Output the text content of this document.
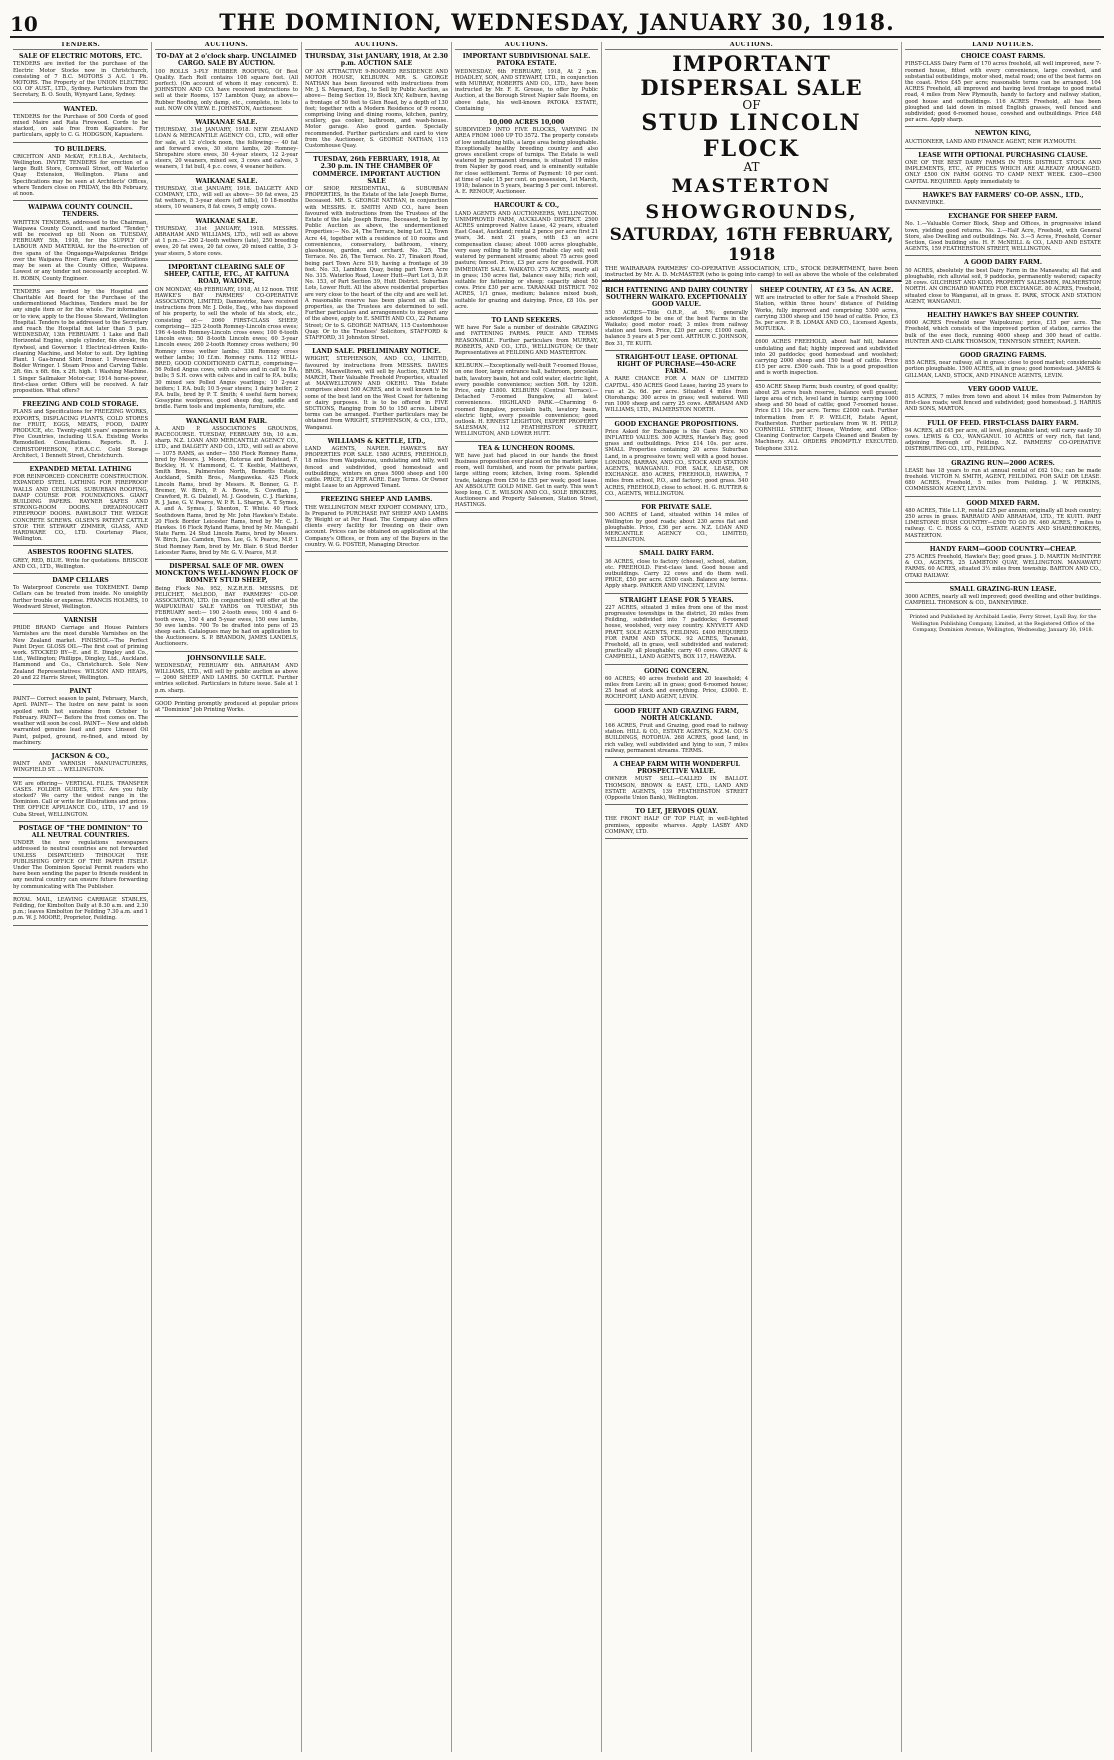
10	THE DOMINION, WEDNESDAY, JANUARY 30, 1918.
TENDERS.
SALE OF ELECTRIC MOTORS, ETC.
TENDERS are invited for the purchase of the Electric Motor Stocks now in Christchurch, consisting of 7 B.C. MOTORS 3 A.C. 1 Ph. MOTORS. The Property of the UNION ELECTRIC CO. OF AUST., LTD., Sydney. Particulars from the Secretary, B. O. South, Wynyard Lane, Sydney.
WANTED.
TENDERS for the Purchase of 500 Cords of good mixed Maire and Rata Firewood. Cords to be stacked, on sale free from Kapuatere. For particulars, apply to C. G. HODGSON, Kapuatere.
TO BUILDERS.
CRICHTON AND McKAY, F.R.I.B.A., Architects, Wellington. INVITE TENDERS for erection of a large Built Store, Cornwall Street, off Waterloo Quay Extension, Wellington. Plans and Specifications may be seen at Architects' Offices, where Tenders close on FRIDAY, the 8th February, at noon.
WAIPAWA COUNTY COUNCIL. TENDERS.
WRITTEN TENDERS, addressed to the Chairman, Waipawa County Council, and marked "Tender," will be received up till Noon on TUESDAY, FEBRUARY 5th, 1918, for the SUPPLY OF LABOUR AND MATERIAL for the Re-erection of five spans of the Ongaonga-Waipukurau Bridge over the Waipawa River. Plans and specifications may be seen at the County Office, Waipawa. Lowest or any tender not necessarily accepted. W. H. ROBIN, County Engineer.
TENDERS are invited by the Hospital and Charitable Aid Board for the Purchase of the undermentioned Machines, Tenders must be for any single item or for the whole. For information or to view, apply to the House Steward, Wellington Hospital. Tenders to be addressed to the Secretary and reach the Hospital not later than 5 p.m. WEDNESDAY, 13th FEBRUARY. 1 Lake and Ball Horizontal Engine, single cylinder, 6in stroke, 9in flywheel, and Governor. 1 Electrical-driven Knife-cleaning Machine, and Motor to suit. Dry lighting Plant. 1 Gas-brand Shirt Ironer. 1 Power-driven Bolder Wringer. 1 Steam Press and Carving Table. 2ft. 6in. x 6ft. 6in. x 2ft. high. 1 Washing Machine. 1 Singer Sailmaker Motor-car, 1914 horse-power, first-class order. Offers will be received. A fair proposition. What offers?
FREEZING AND COLD STORAGE.
PLANS and Specifications for FREEZING WORKS, EXPORTS, DISPLACING PLANTS, COLD STORES for FRUIT, EGGS, MEATS, FOOD, DAIRY PRODUCE, etc. Twenty-eight years' experience in Five Countries, including U.S.A. Existing Works Remodelled. Consultations. Reports. R. J. CHRISTOPHERSON, F.R.A.C.C. Cold Storage Architect, 1 Bennett Street, Christchurch.
EXPANDED METAL LATHING
FOR REINFORCED CONCRETE CONSTRUCTION. EXPANDED STEEL LATHING FOR FIREPROOF WALLS AND CEILINGS. SUBURBAN ROOFING, DAMP COURSE FOR FOUNDATIONS. GIANT BUILDING PAPERS. RAYNER SAFES AND STRONG-ROOM DOORS. DREADNOUGHT FIREPROOF DOORS. RAWLBOLT THE WEDGE CONCRETE SCREWS. OLSEN'S PATENT CATTLE STOP. THE STEWART ZIMMER, GLASS, AND HARDWARE CO., LTD. Courtenay Place, Wellington.
ASBESTOS ROOFING SLATES.
GREY, RED, BLUE. Write for quotations. BRISCOE AND CO., LTD., Wellington.
DAMP CELLARS
To Waterproof Concrete use TOXEMENT. Damp Cellars can be treated from inside. No unsightly further trouble or expense. FRANCIS HOLMES, 10 Woodward Street, Wellington.
VARNISH
PRIDE BRAND Carriage and House Painters Varnishes are the most durable Varnishes on the New Zealand market. FINISHOL—The Perfect Paint Dryer. GLOSS OIL—The first coat of priming work. STOCKED BY—E. and E. Dingley and Co., Ltd., Wellington; Phillipps, Dingley, Ltd., Auckland. Hammond and Co., Christchurch. Sole New Zealand Representatives: WILSON AND HEAPS, 20 and 22 Harris Street, Wellington.
PAINT
PAINT— Correct season to paint, February, March, April. PAINT— The lustre on new paint is soon spoiled with hot sunshine from October to February. PAINT— Before the frost comes on. The weather will soon be cool. PAINT— New and oldish warranted genuine lead and pure Linseed Oil Paint, pulped, ground, re-fined, and mixed by machinery.
JACKSON & CO.,
PAINT AND VARNISH MANUFACTURERS, WINGFIELD ST. ... WELLINGTON.
WE are offering— VERTICAL FILES. TRANSFER CASES. FOLDER GUIDES, ETC. Are you fully stocked? We carry the widest range in the Dominion. Call or write for illustrations and prices. THE OFFICE APPLIANCE CO., LTD., 17 and 19 Cuba Street, WELLINGTON.
POSTAGE OF "THE DOMINION" TO ALL NEUTRAL COUNTRIES.
UNDER the new regulations newspapers addressed to neutral countries are not forwarded UNLESS DISPATCHED THROUGH THE PUBLISHING OFFICE OF THE PAPER ITSELF. Under The Dominion Special Permit readers who have been sending the paper to friends resident in any neutral country can ensure future forwarding by communicating with The Publisher.
ROYAL MAIL, LEAVING CARRIAGE STABLES, Feilding, for Kimbolton Daily at 8.30 a.m. and 2.30 p.m.; leaves Kimbolton for Feilding 7.30 a.m. and 1 p.m. W. J. MOORE, Proprietor, Feilding.
AUCTIONS.
TO-DAY at 2 o'clock sharp. UNCLAIMED CARGO. SALE BY AUCTION.
100 ROLLS 3-PLY RUBBER ROOFING, Of Best Quality. Each Roll contains 108 square feet. (All perfect). (On account of whom it may concern). E. JOHNSTON AND CO. have received instructions to sell at their Rooms, 157 Lambton Quay, as above— Rubber Roofing, only damp, etc., complete, in lots to suit. NOW ON VIEW. E. JOHNSTON, Auctioneer.
WAIKANAE SALE.
THURSDAY, 31st JANUARY, 1918. NEW ZEALAND LOAN & MERCANTILE AGENCY CO., LTD., will offer for sale, at 12 o'clock noon, the following:— 40 fat and forward ewes, 30 store lambs, 20 Romney-Shropshire store ewes, 30 4-year steers, 12 2-year steers, 20 weaners, mixed sex, 3 cows and calves, 3 weaners, 1 fat bull, 4 p.c. cows, 4 weaner heifers.
WAIKANAE SALE.
THURSDAY, 31st JANUARY, 1918. DALGETY AND COMPANY, LTD., will sell as above— 50 fat ewes, 25 fat wethers, 8 3-year steers (off hills), 10 18-months steers, 10 weaners, 8 fat cows, 5 empty cows.
WAIKANAE SALE.
THURSDAY, 31st JANUARY, 1918. MESSRS. ABRAHAM AND WILLIAMS, LTD., will sell as above at 1 p.m.:— 250 2-tooth wethers (late), 250 breeding ewes, 20 fat ewes, 20 fat cows, 20 mixed cattle, 3 3-year steers, 5 store cows.
IMPORTANT CLEARING SALE OF SHEEP, CATTLE, ETC., AT KAITUNA ROAD, WAIONE,
ON MONDAY, 4th FEBRUARY, 1918, At 12 noon. THE HAWKE'S BAY FARMERS' CO-OPERATIVE ASSOCIATION, LIMITED, Dannevirke, have received instructions from Mr. J. Doile, Esq., who has disposed of his property, to sell the whole of his stock, etc., consisting of:— 2060 FIRST-CLASS SHEEP, comprising— 325 2-tooth Romney-Lincoln cross ewes; 196 4-tooth Romney-Lincoln cross ewes; 100 6-tooth Lincoln ewes; 50 8-tooth Lincoln ewes; 60 3-year Lincoln ewes; 260 2-tooth Romney cross wethers; 90 Romney cross wether lambs; 338 Romney cross wether lambs; 10 f.f.m. Romney rams. 112 WELL-BRED, GOOD CONDITIONED CATTLE, comprising— 56 Polled Angus cows, with calves and in calf to P.A. bulls; 5 S.H. cows with calves and in calf to P.A. bulls; 30 mixed sex Polled Angus yearlings; 10 2-year heifers; 1 P.A. bull; 10 5-year steers; 1 dairy heifer; 2 P.A. bulls, bred by P. T. Smith; 4 useful farm horses; Gossypine woolpress, good sheep dog, saddle and bridle. Farm tools and implements, furniture, etc.
WANGANUI RAM FAIR.
A. AND P. ASSOCIATION'S GROUNDS, RACECOURSE. TUESDAY, FEBRUARY 5th, 10 a.m. sharp. N.Z. LOAN AND MERCANTILE AGENCY CO., LTD., and DALGETY AND CO., LTD., will sell as above— 1075 RAMS, as under— 550 Flock Romney Rams, bred by Messrs. J. Moore, Rotorua and Bulstead, F. Buckley, H. V. Hammond, C. T. Keeble, Matthews, Smith Bros., Palmerston North, Bennetts Estate, Auckland, Smith Bros., Mangaweka. 425 Flock Lincoln Rams, bred by Messrs. R. Bonner, G. F. Bremer, W. Birch, P. A. Bowie, S. Cowdian, J. Crawford, R. G. Dalziell, M. J. Goodwin, C. J. Harkins, R. J. Jane, G. V. Pearce, W. P. R. L. Sharpe, A. T. Symes, A. and A. Symes, J. Shenton, T. White. 40 Flock Southdown Rams, bred by Mr. John Hawkes's Estate. 20 Flock Border Leicester Rams, bred by Mr. C. J. Hawkes. 16 Flock Ryland Rams, bred by Mr. Mangabi State Farm. 24 Stud Lincoln Rams, bred by Messrs. W. Birch, Jas. Camden, Thos. Lee, G. V. Pearce, M.P. 1 Stud Romney Ram, bred by Mr. Blair. 6 Stud Border Leicester Rams, bred by Mr. G. V. Pearce, M.P.
DISPERSAL SALE OF MR. OWEN MONCKTON'S WELL-KNOWN FLOCK OF ROMNEY STUD SHEEP,
Being Flock No. 952, N.Z.R.F.B. MESSRS. DE PELICHET, McLEOD, BAY FARMERS' CO-OP. ASSOCIATION, LTD. (in conjunction) will offer at the WAIPUKURAU SALE YARDS on TUESDAY, 5th FEBRUARY next:— 190 2-tooth ewes, 160 4 and 6-tooth ewes, 150 4 and 5-year ewes, 150 ewe lambs, 50 ewe lambs. 700 To be drafted into pens of 25 sheep each. Catalogues may be had on application to the Auctioneers. S. P. BRANDON, JAMES LANDELS, Auctioneers.
JOHNSONVILLE SALE.
WEDNESDAY, FEBRUARY 6th. ABRAHAM AND WILLIAMS, LTD., will sell by public auction as above— 2060 SHEEP AND LAMBS. 50 CATTLE. Further entries solicited. Particulars in future issue. Sale at 1 p.m. sharp.
GOOD Printing promptly produced at popular prices at "Dominion" Job Printing Works.
AUCTIONS.
THURSDAY, 31st JANUARY, 1918, At 2.30 p.m. AUCTION SALE
OF AN ATTRACTIVE 9-ROOMED RESIDENCE AND MOTOR HOUSE, KELBURN. MR. S. GEORGE NATHAN has been favoured with instructions from Mr. J. S. Maynard, Esq., to Sell by Public Auction, as above— Being Section 19, Block XIV, Kelburn, having a frontage of 50 feet to Glen Road, by a depth of 130 feet; together with a Modern Residence of 9 rooms, comprising living and dining rooms, kitchen, pantry, scullery, gas cooker, bathroom, and wash-house. Motor garage. Also good garden. Specially recommended. Further particulars and card to view from the Auctioneer, S. GEORGE NATHAN, 115 Customhouse Quay.
TUESDAY, 26th FEBRUARY, 1918, At 2.30 p.m. IN THE CHAMBER OF COMMERCE. IMPORTANT AUCTION SALE
OF SHOP, RESIDENTIAL, & SUBURBAN PROPERTIES, In the Estate of the late Joseph Burne, Deceased. MR. S. GEORGE NATHAN, in conjunction with MESSRS. E. SMITH AND CO., have been favoured with instructions from the Trustees of the Estate of the late Joseph Burne, Deceased, to Sell by Public Auction as above, the undermentioned Properties:— No. 24, The Terrace, being Lot 12, Town Acre 44, together with a residence of 10 rooms and conveniences, conservatory, bathroom, vinery, glasshouse, garden, and orchard. No. 25, The Terrace. No. 26, The Terrace. No. 27, Tinakori Road, being part Town Acre 519, having a frontage of 39 feet. No. 33, Lambton Quay, being part Town Acre No. 315. Waterloo Road, Lower Hutt—Part Lot 3, D.P. No. 153, of Part Section 39, Hutt District. Suburban Lots, Lower Hutt. All the above residential properties are very close to the heart of the city and are well let. A reasonable reserve has been placed on all the properties, as the Trustees are determined to sell. Further particulars and arrangements to inspect any of the above, apply to E. SMITH AND CO., 22 Panama Street; Or to S. GEORGE NATHAN, 115 Customhouse Quay. Or to the Trustees' Solicitors, STAFFORD & STAFFORD, 31 Johnston Street.
LAND SALE. PRELIMINARY NOTICE.
WRIGHT, STEPHENSON, AND CO., LIMITED, favoured by instructions from MESSRS. DAVIES BROS., Maxwelltown, will sell by Auction, EARLY IN MARCH, Their Valuable Freehold Properties, situated at MAXWELLTOWN AND OKEHU. This Estate comprises about 500 ACRES, and is well known to be some of the best land on the West Coast for fattening or dairy purposes. It is to be offered in FIVE SECTIONS, Ranging from 50 to 150 acres. Liberal terms can be arranged. Further particulars may be obtained from WRIGHT, STEPHENSON, & CO., LTD., Wanganui.
WILLIAMS & KETTLE, LTD.,
LAND AGENTS, NAPIER. HAWKE'S BAY PROPERTIES FOR SALE. 1580 ACRES, FREEHOLD, 18 miles from Waipukurau, undulating and hilly, well fenced and subdivided, good homestead and outbuildings, winters on grass 5000 sheep and 100 cattle. PRICE, £12 PER ACRE. Easy Terms. Or Owner might Lease to an Approved Tenant.
FREEZING SHEEP AND LAMBS.
THE WELLINGTON MEAT EXPORT COMPANY, LTD., Is Prepared to PURCHASE FAT SHEEP AND LAMBS By Weight or at Per Head. The Company also offers clients every facility for freezing on their own account. Prices can be obtained on application at the Company's Offices, or from any of the Buyers in the country. W. G. FOSTER, Managing Director.
AUCTIONS.
IMPORTANT SUBDIVISIONAL SALE. PATOKA ESTATE.
WEDNESDAY, 6th FEBRUARY, 1918, At 2 p.m. HOADLEY, SON, AND STEWART, LTD., in conjunction with MURRAY, ROBERTS AND CO., LTD., have been instructed by Mr. F. E. Grouse, to offer by Public Auction, at the Borough Street Napier Sale Rooms, on above date, his well-known PATOKA ESTATE, Containing
10,000 ACRES 10,000
SUBDIVIDED INTO FIVE BLOCKS, VARYING IN AREA FROM 1060 UP TO 3572. The property consists of low undulating hills, a large area being ploughable. Exceptionally healthy breeding country and also grows excellent crops of turnips. The Estate is well watered by permanent streams, is situated 19 miles from Napier by good road, and is eminently suitable for close settlement. Terms of Payment: 10 per cent. at time of sale; 15 per cent. on possession, 1st March, 1918; balance in 5 years, bearing 5 per cent. interest. A. E. RENOUF, Auctioneer.
HARCOURT & CO.,
LAND AGENTS AND AUCTIONEERS, WELLINGTON. UNIMPROVED FARM, AUCKLAND DISTRICT. 2500 ACRES unimproved Native Lease, 42 years, situated East Coast, Auckland; rental 2 pence per acre first 21 years, 3d. next 21 years, with £3 an acre compensation clause; about 1000 acres ploughable, very easy rolling to hilly good friable clay soil; well watered by permanent streams; about 75 acres good pasture; fenced. Price, £3 per acre for goodwill. FOR IMMEDIATE SALE. WAIKATO. 275 ACRES, nearly all in grass; 150 acres flat, balance easy hills; rich soil, suitable for fattening or sheep; capacity about 50 cows. Price £30 per acre. TARANAKI DISTRICT. 702 ACRES, 1/1 grass, medium; balance mixed bush, suitable for grazing and dairying. Price, £8 10s. per acre.
TO LAND SEEKERS.
WE have For Sale a number of desirable GRAZING and FATTENING FARMS. PRICE AND TERMS REASONABLE. Further particulars from MURRAY, ROBERTS, AND CO., LTD., WELLINGTON; Or their Representatives at FEILDING AND MASTERTON.
KELBURN.—Exceptionally well-built 7-roomed House, on one floor, large entrance hall, bathroom, porcelain bath, lavatory basin, hot and cold water, electric light, every possible convenience; section 50ft. by 120ft. Price, only £1800. KELBURN (Central Terrace).—Detached 7-roomed Bungalow, all latest conveniences. HIGHLAND PARK.—Charming 6-roomed Bungalow, porcelain bath, lavatory basin, electric light, every possible convenience; good outlook. H. ERNEST LEIGHTON, EXPERT PROPERTY SALESMAN, 112 FEATHERSTON STREET, WELLINGTON, AND LOWER HUTT.
TEA & LUNCHEON ROOMS.
WE have just had placed in our hands the finest Business proposition ever placed on the market; large room, well furnished, and room for private parties, large sitting room; kitchen, living room. Splendid trade, takings from £50 to £55 per week; good lease. AN ABSOLUTE GOLD MINE. Get in early. This won't keep long. C. E. WILSON AND CO., SOLE BROKERS, Auctioneers and Property Salesmen, Station Street, HASTINGS.
AUCTIONS.
IMPORTANT DISPERSAL SALE
OF
STUD LINCOLN FLOCK
AT
MASTERTON SHOWGROUNDS,
SATURDAY, 16TH FEBRUARY, 1918
THE WAIRARAPA FARMERS' CO-OPERATIVE ASSOCIATION, LTD., STOCK DEPARTMENT, have been instructed by Mr. A. D. McMASTER (who is going into camp) to sell as above the whole of the celebrated MATAWHERO LINCOLN FLOCK (N.Z.L.F.B.), comprising approximately:—
RICH FATTENING AND DAIRY COUNTRY SOUTHERN WAIKATO. EXCEPTIONALLY GOOD VALUE.
550 ACRES—Title O.R.P., at 5%; generally acknowledged to be one of the best Farms in the Waikato; good motor road; 3 miles from railway station and town. Price, £20 per acre; £1000 cash, balance 5 years at 5 per cent. ARTHUR C. JOHNSON, Box 31, TE KUITI.
STRAIGHT-OUT LEASE. OPTIONAL RIGHT OF PURCHASE—450-ACRE FARM.
A RARE CHANCE FOR A MAN OF LIMITED CAPITAL. 450 ACRES Good Lease, having 25 years to run at 2s. 6d. per acre. Situated 4 miles from Otorohanga; 300 acres in grass; well watered. Will run 1000 sheep and carry 25 cows. ABRAHAM AND WILLIAMS, LTD., PALMERSTON NORTH.
GOOD EXCHANGE PROPOSITIONS.
Price Asked for Exchange is the Cash Price. NO INFLATED VALUES. 300 ACRES, Hawke's Bay, good grass and outbuildings. Price £14 10s. per acre. SMALL Properties containing 20 acres Suburban Land, in a progressive town; well with a good house. LONDON, BARRAN, AND CO., STOCK AND STATION AGENTS, WANGANUI. FOR SALE, LEASE, OR EXCHANGE. 850 ACRES, FREEHOLD, HAWERA, 7 miles from school, P.O., and factory; good grass. 540 ACRES, FREEHOLD, close to school. H. G. RUTTER & CO., AGENTS, WELLINGTON.
FOR PRIVATE SALE.
500 ACRES of Land, situated within 14 miles of Wellington by good roads; about 230 acres flat and ploughable. Price, £36 per acre. N.Z. LOAN AND MERCANTILE AGENCY CO., LIMITED, WELLINGTON.
SMALL DAIRY FARM.
36 ACRES, close to factory (cheese), school, station, etc. FREEHOLD. First-class land. Good house and outbuildings. Carry 22 cows and do them well. PRICE, £50 per acre. £500 cash. Balance any terms. Apply sharp. PARKER AND VINCENT, LEVIN.
STRAIGHT LEASE FOR 5 YEARS.
227 ACRES, situated 3 miles from one of the most progressive townships in the district, 20 miles from Feilding, subdivided into 7 paddocks; 6-roomed house, woolshed, very easy country. KNYVETT AND PRATT, SOLE AGENTS, FEILDING. £400 REQUIRED FOR FARM AND STOCK. 92 ACRES, Taranaki, Freehold, all in grass, well subdivided and watered; practically all ploughable; carry 40 cows. GRANT & CAMPBELL, LAND AGENTS, BOX 117, HAWERA.
GOING CONCERN.
60 ACRES; 40 acres freehold and 20 leasehold; 4 miles from Levin; all in grass; good 6-roomed house; 25 head of stock and everything. Price, £3000. E. ROCHFORT, LAND AGENT, LEVIN.
GOOD FRUIT AND GRAZING FARM, NORTH AUCKLAND.
166 ACRES, Fruit and Grazing, good road to railway station. HILL & CO., ESTATE AGENTS, N.Z.M. CO.'S BUILDINGS, ROTORUA. 268 ACRES, good land, in rich valley, well subdivided and lying to sun, 7 miles railway, permanent streams. TERMS.
A CHEAP FARM WITH WONDERFUL PROSPECTIVE VALUE.
OWNER MUST SELL—CALLED IN BALLOT. THOMSON, BROWN & EAST, LTD., LAND AND ESTATE AGENTS, 139 FEATHERSTON STREET (Opposite Union Bank), Wellington.
TO LET, JERVOIS QUAY.
THE FRONT HALF OF TOP FLAT, in well-lighted premises, opposite wharves. Apply LASBY AND COMPANY, LTD.
SHEEP COUNTRY, AT £3 5s. AN ACRE.
WE are instructed to offer for Sale a Freehold Sheep Station, within three hours' distance of Feilding Works, fully improved and comprising 5300 acres, carrying 3300 sheep and 150 head of cattle. Price, £3 5s. per acre. P. B. LOMAX AND CO., Licensed Agents, MOTUEKA.
£600 ACRES FREEHOLD, about half hill, balance undulating and flat; highly improved and subdivided into 20 paddocks; good homestead and woolshed; carrying 2000 sheep and 150 head of cattle. Price £15 per acre. £500 cash. This is a good proposition and is worth inspection.
450 ACRE Sheep Farm; bush country, of good quality; about 25 acres bush reserve, balance well grassed; large area of rich, level land in turnip; carrying 1000 sheep and 50 head of cattle; good 7-roomed house. Price £11 10s. per acre. Terms: £2000 cash. Further information from F. P. WELCH, Estate Agent, Featherston. Further particulars from W. H. PHILP, CORNHILL STREET, House, Window, and Office-Cleaning Contractor. Carpets Cleaned and Beaten by Machinery. ALL ORDERS PROMPTLY EXECUTED. Telephone 3312.
LAND NOTICES.
CHOICE COAST FARMS.
FIRST-CLASS Dairy Farm of 170 acres freehold, all well improved, new 7-roomed house, fitted with every convenience, large cowshed, and substantial outbuildings, motor shed, metal road; one of the best farms on the coast. Price £45 per acre; reasonable terms can be arranged. 104 ACRES Freehold, all improved and having level frontage to good metal road, 4 miles from New Plymouth, handy to factory and railway station, good house and outbuildings. 116 ACRES Freehold, all has been ploughed and laid down in mixed English grasses, well fenced and subdivided; good 6-roomed house, cowshed and outbuildings. Price £48 per acre. Apply sharp.
NEWTON KING,
AUCTIONEER, LAND AND FINANCE AGENT, NEW PLYMOUTH.
LEASE WITH OPTIONAL PURCHASING CLAUSE.
ONE OF THE BEST DAIRY FARMS IN THIS DISTRICT. STOCK AND IMPLEMENTS, ETC., AT PRICES WHICH ARE ALREADY ARRANGED. ONLY £500 ON FARM GOING TO CAMP NEXT WEEK. £300—£500 CAPITAL REQUIRED. Apply immediately to
HAWKE'S BAY FARMERS' CO-OP. ASSN., LTD.,
DANNEVIRKE.
EXCHANGE FOR SHEEP FARM.
No. 1.—Valuable Corner Block, Shop and Offices, in progressive inland town, yielding good returns. No. 2.—Half Acre, Freehold, with General Store, also Dwelling and outbuildings. No. 3.—5 Acres, Freehold, Corner Section, Good building site. H. F. McNEILL & CO., LAND AND ESTATE AGENTS, 159 FEATHERSTON STREET, WELLINGTON.
A GOOD DAIRY FARM.
50 ACRES, absolutely the best Dairy Farm in the Manawatu; all flat and ploughable, rich alluvial soil, 9 paddocks, permanently watered; capacity 28 cows. GILCHRIST AND KIDD, PROPERTY SALESMEN, PALMERSTON NORTH. AN ORCHARD WANTED FOR EXCHANGE. 80 ACRES, Freehold, situated close to Wanganui, all in grass. E. PARK, STOCK AND STATION AGENT, WANGANUI.
HEALTHY HAWKE'S BAY SHEEP COUNTRY.
6000 ACRES Freehold near Waipukurau; price, £15 per acre. The Freehold, which consists of the improved portion of station, carries the bulk of the ewe flock, running 4000 sheep and 300 head of cattle. HUNTER AND CLARK THOMSON, TENNYSON STREET, NAPIER.
GOOD GRAZING FARMS.
855 ACRES, near railway, all in grass; close to good market; considerable portion ploughable. 1500 ACRES, all in grass; good homestead. JAMES & GILLMAN, LAND, STOCK, AND FINANCE AGENTS, LEVIN.
VERY GOOD VALUE.
815 ACRES, 7 miles from town and about 14 miles from Palmerston by first-class roads; well fenced and subdivided; good homestead. J. HARRIS AND SONS, MARTON.
FULL OF FEED. FIRST-CLASS DAIRY FARM.
94 ACRES, all £45 per acre, all level, ploughable land; will carry easily 30 cows. LEWIS & CO., WANGANUI. 10 ACRES of very rich, flat land, adjoining Borough of Feilding. N.Z. FARMERS' CO-OPERATIVE DISTRIBUTING CO., LTD., FEILDING.
GRAZING RUN—2000 ACRES.
LEASE has 18 years to run at annual rental of £62 10s.; can be made freehold. VICTOR N. SMITH, AGENT, FEILDING. FOR SALE OR LEASE. 680 ACRES, Freehold, 5 miles from Feilding. J. W. PERKINS, COMMISSION AGENT, LEVIN.
GOOD MIXED FARM.
480 ACRES, Title L.I.P., rental £25 per annum; originally all bush country; 250 acres in grass. BARRAUD AND ABRAHAM, LTD., TE KUITI. PART LIMESTONE BUSH COUNTRY—£500 TO GO IN. 460 ACRES, 7 miles to railway. C. C. ROSS & CO., ESTATE AGENTS AND SHAREBROKERS, MASTERTON.
HANDY FARM—GOOD COUNTRY—CHEAP.
275 ACRES Freehold, Hawke's Bay; good grass. J. D. MARTIN McINTYRE & CO., AGENTS, 25 LAMBTON QUAY, WELLINGTON. MANAWATU FARMS. 60 ACRES, situated 3½ miles from township. BARTON AND CO., OTAKI RAILWAY.
SMALL GRAZING-RUN LEASE.
3000 ACRES, nearly all well improved; good dwelling and other buildings. CAMPBELL THOMSON & CO., DANNEVIRKE.
Printed and Published by Archibald Leslie, Ferry Street, Lyall Bay, for the Wellington Publishing Company, Limited, at the Registered Office of the Company, Dominion Avenue, Wellington, Wednesday, January 30, 1918.
